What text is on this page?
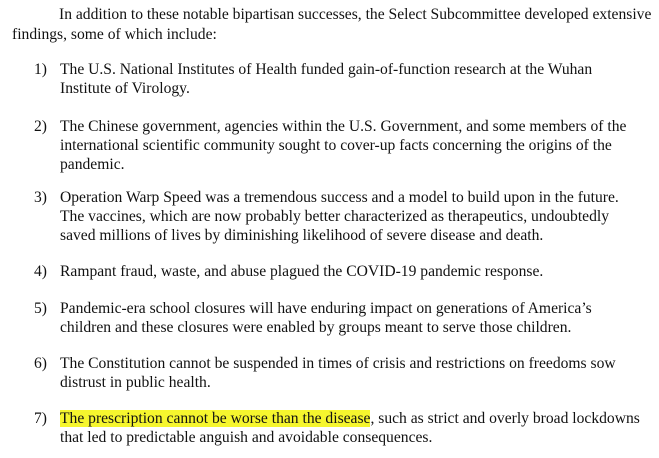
In addition to these notable bipartisan successes, the Select Subcommittee developed extensive findings, some of which include:

1) The U.S. National Institutes of Health funded gain-of-function research at the Wuhan Institute of Virology.
2) The Chinese government, agencies within the U.S. Government, and some members of the international scientific community sought to cover-up facts concerning the origins of the pandemic.
3) Operation Warp Speed was a tremendous success and a model to build upon in the future. The vaccines, which are now probably better characterized as therapeutics, undoubtedly saved millions of lives by diminishing likelihood of severe disease and death.
4) Rampant fraud, waste, and abuse plagued the COVID-19 pandemic response.
5) Pandemic-era school closures will have enduring impact on generations of America’s children and these closures were enabled by groups meant to serve those children.
6) The Constitution cannot be suspended in times of crisis and restrictions on freedoms sow distrust in public health.
7) The prescription cannot be worse than the disease, such as strict and overly broad lockdowns that led to predictable anguish and avoidable consequences.
